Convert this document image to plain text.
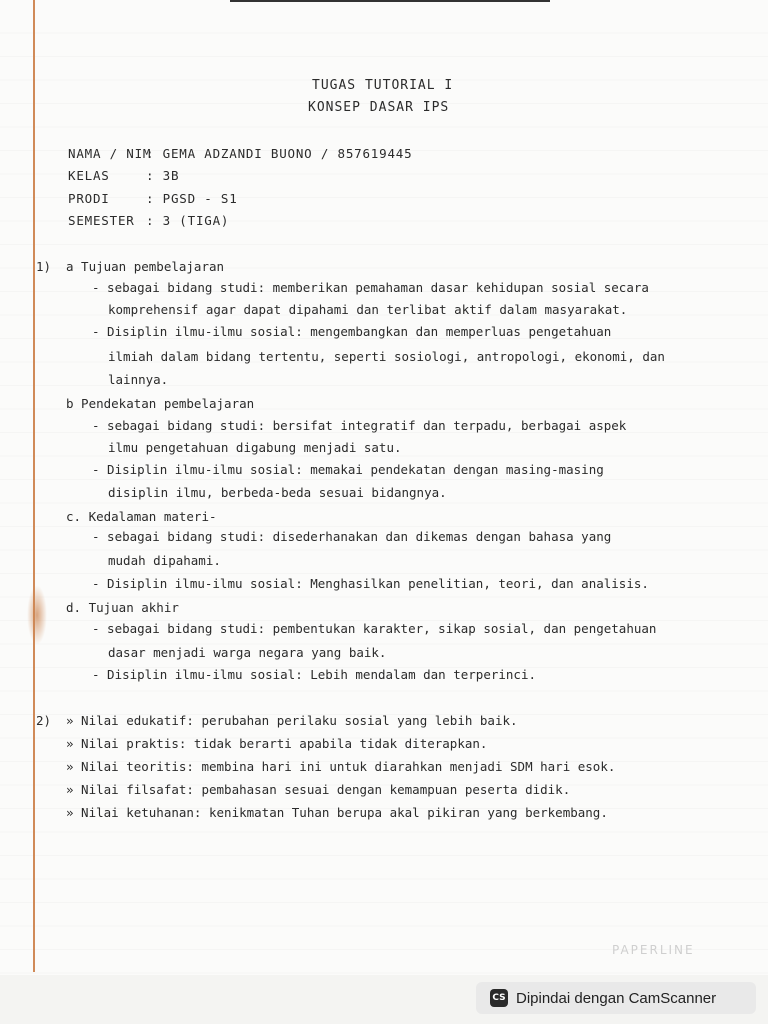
TUGAS TUTORIAL I
KONSEP DASAR IPS
NAMA / NIM
: GEMA ADZANDI BUONO / 857619445
KELAS	: 3B
PRODI	: PGSD - S1
SEMESTER : 3 (TIGA)
1) a Tujuan pembelajaran
- sebagai bidang studi: memberikan pemahaman dasar kehidupan sosial secara
komprehensif agar dapat dipahami dan terlibat aktif dalam masyarakat.
- Disiplin ilmu-ilmu sosial: mengembangkan dan memperluas pengetahuan
ilmiah dalam bidang tertentu, seperti sosiologi, antropologi, ekonomi, dan
lainnya.
b Pendekatan pembelajaran
- sebagai bidang studi: bersifat integratif dan terpadu, berbagai aspek
ilmu pengetahuan digabung menjadi satu.
- Disiplin ilmu-ilmu sosial: memakai pendekatan dengan masing-masing
disiplin ilmu, berbeda-beda sesuai bidangnya.
c. Kedalaman materi-
- sebagai bidang studi: disederhanakan dan dikemas dengan bahasa yang
mudah dipahami.
- Disiplin ilmu-ilmu sosial: Menghasilkan penelitian, teori, dan analisis.
d. Tujuan akhir
- sebagai bidang studi: pembentukan karakter, sikap sosial, dan pengetahuan
dasar menjadi warga negara yang baik.
- Disiplin ilmu-ilmu sosial: Lebih mendalam dan terperinci.
2) » Nilai edukatif: perubahan perilaku sosial yang lebih baik.
» Nilai praktis: tidak berarti apabila tidak diterapkan.
» Nilai teoritis: membina hari ini untuk diarahkan menjadi SDM hari esok.
» Nilai filsafat: pembahasan sesuai dengan kemampuan peserta didik.
» Nilai ketuhanan: kenikmatan Tuhan berupa akal pikiran yang berkembang.
PAPERLINE
CS Dipindai dengan CamScanner
